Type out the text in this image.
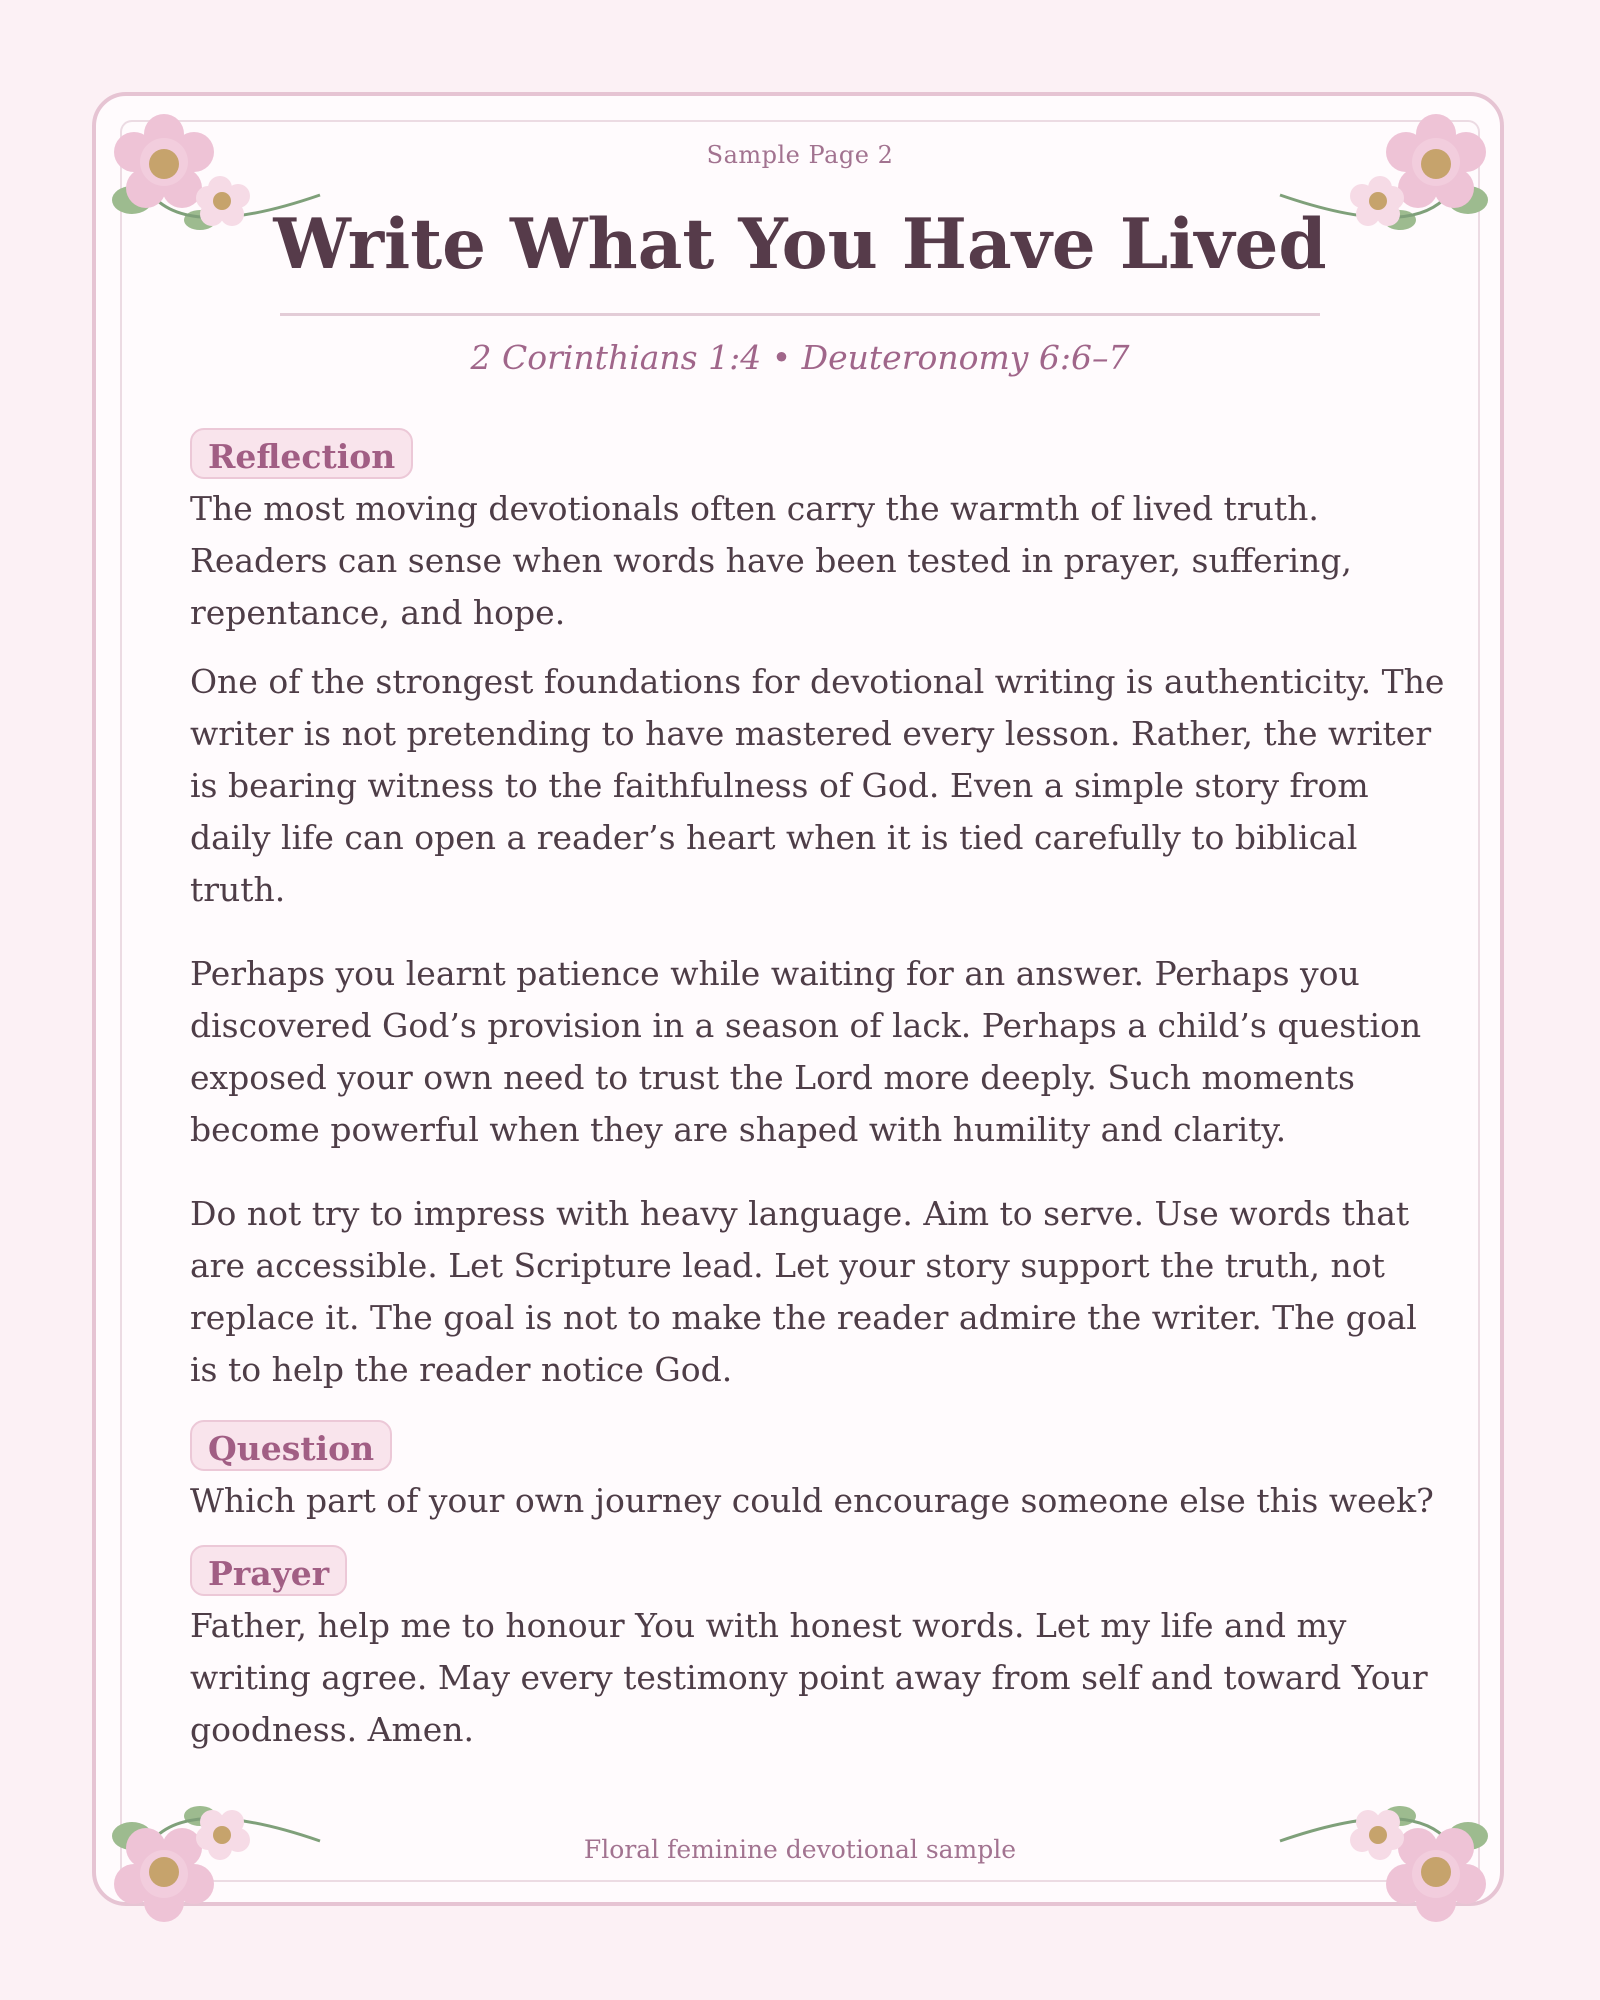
Sample Page 2
Write What You Have Lived
2 Corinthians 1:4 • Deuteronomy 6:6–7
Reflection

The most moving devotionals often carry the warmth of lived truth. Readers can sense when words have been tested in prayer, suffering, repentance, and hope.

One of the strongest foundations for devotional writing is authenticity. The writer is not pretending to have mastered every lesson. Rather, the writer is bearing witness to the faithfulness of God. Even a simple story from daily life can open a reader’s heart when it is tied carefully to biblical truth.

Perhaps you learnt patience while waiting for an answer. Perhaps you discovered God’s provision in a season of lack. Perhaps a child’s question exposed your own need to trust the Lord more deeply. Such moments become powerful when they are shaped with humility and clarity.

Do not try to impress with heavy language. Aim to serve. Use words that are accessible. Let Scripture lead. Let your story support the truth, not replace it. The goal is not to make the reader admire the writer. The goal is to help the reader notice God.

Question

Which part of your own journey could encourage someone else this week?

Prayer

Father, help me to honour You with honest words. Let my life and my writing agree. May every testimony point away from self and toward Your goodness. Amen.

Floral feminine devotional sample
